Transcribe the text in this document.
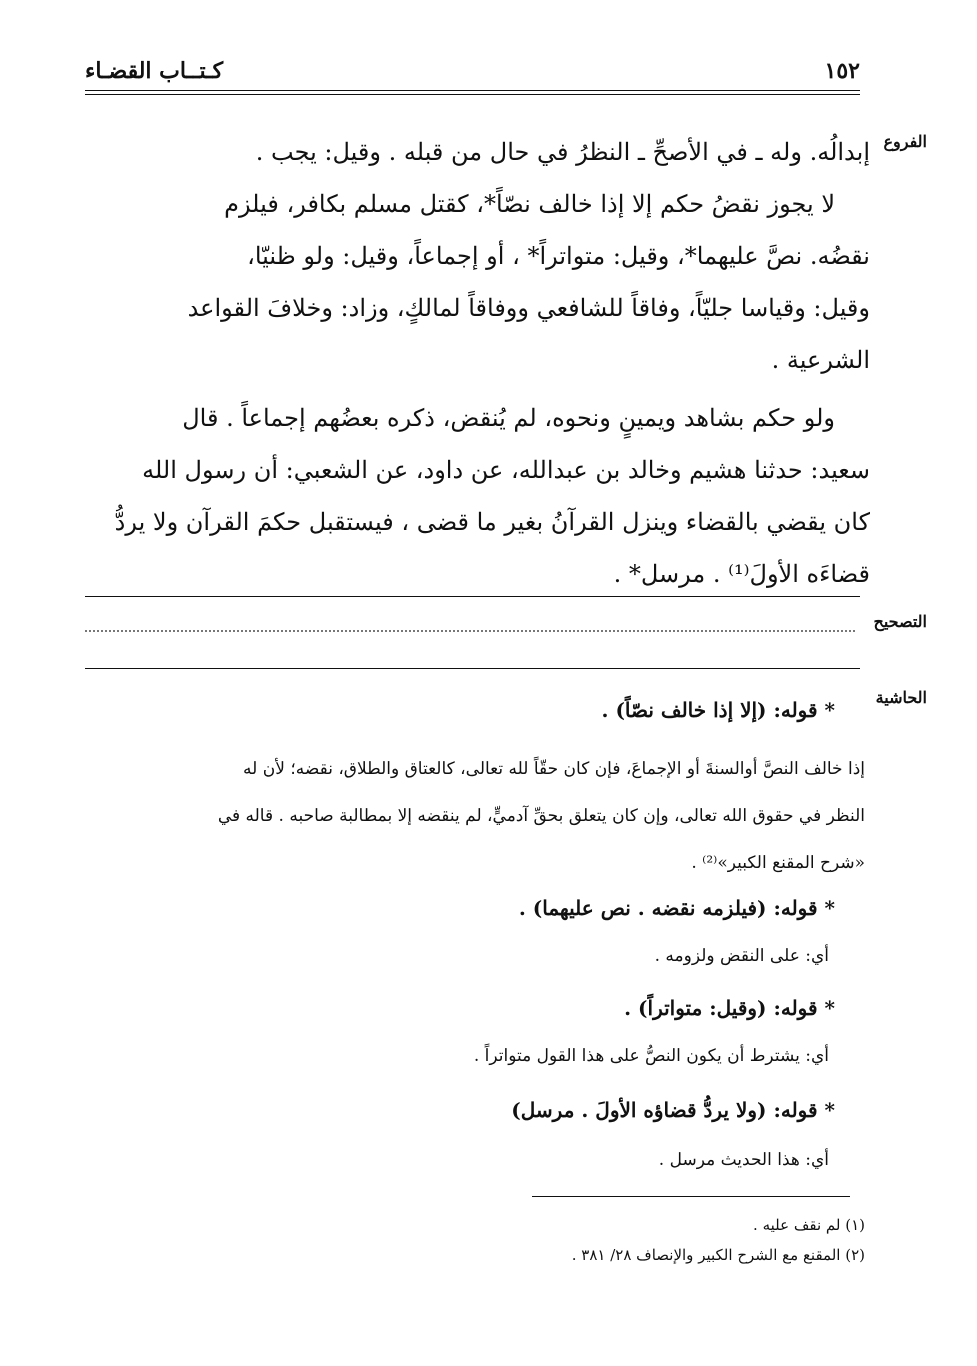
كـتــاب القضـاء	١٥٢
الفروع
التصحيح
الحاشية
إبدالُه. وله ـ في الأصحِّ ـ النظرُ في حال من قبله . وقيل: يجب .
لا يجوز نقضُ حكم إلا إذا خالف نصّاً*، كقتل مسلم بكافر، فيلزم
نقضُه. نصَّ عليهما*، وقيل: متواتراً* ، أو إجماعاً، وقيل: ولو ظنيّا،
وقيل: وقياسا جليّاً، وفاقاً للشافعي ووفاقاً لمالكٍ، وزاد: وخلافَ القواعد
الشرعية .
ولو حكم بشاهد ويمينٍ ونحوه، لم يُنقض، ذكره بعضُهم إجماعاً . قال
سعيد: حدثنا هشيم وخالد بن عبدالله، عن داود، عن الشعبي: أن رسول الله
كان يقضي بالقضاء وينزل القرآنُ بغير ما قضى ، فيستقبل حكمَ القرآن ولا يردُّ
قضاءَه الأولَ⁽¹⁾ . مرسل* .
* قوله: (إلا إذا خالف نصّاً) .
إذا خالف النصَّ أوالسنةَ أو الإجماعَ، فإن كان حقّاً لله تعالى، كالعتاق والطلاق، نقضه؛ لأن له
النظر في حقوق الله تعالى، وإن كان يتعلق بحقِّ آدميٍّ، لم ينقضه إلا بمطالبة صاحبه . قاله في
«شرح المقنع الكبير»⁽²⁾ .
* قوله: (فيلزمه نقضه . نص عليهما) .
أي: على النقض ولزومه .
* قوله: (وقيل: متواتراً) .
أي: يشترط أن يكون النصُّ على هذا القول متواتراً .
* قوله: (ولا يردُّ قضاؤه الأولَ . مرسل)
أي: هذا الحديث مرسل .
(١) لم نقف عليه .
(٢) المقنع مع الشرح الكبير والإنصاف ٢٨/ ٣٨١ .
